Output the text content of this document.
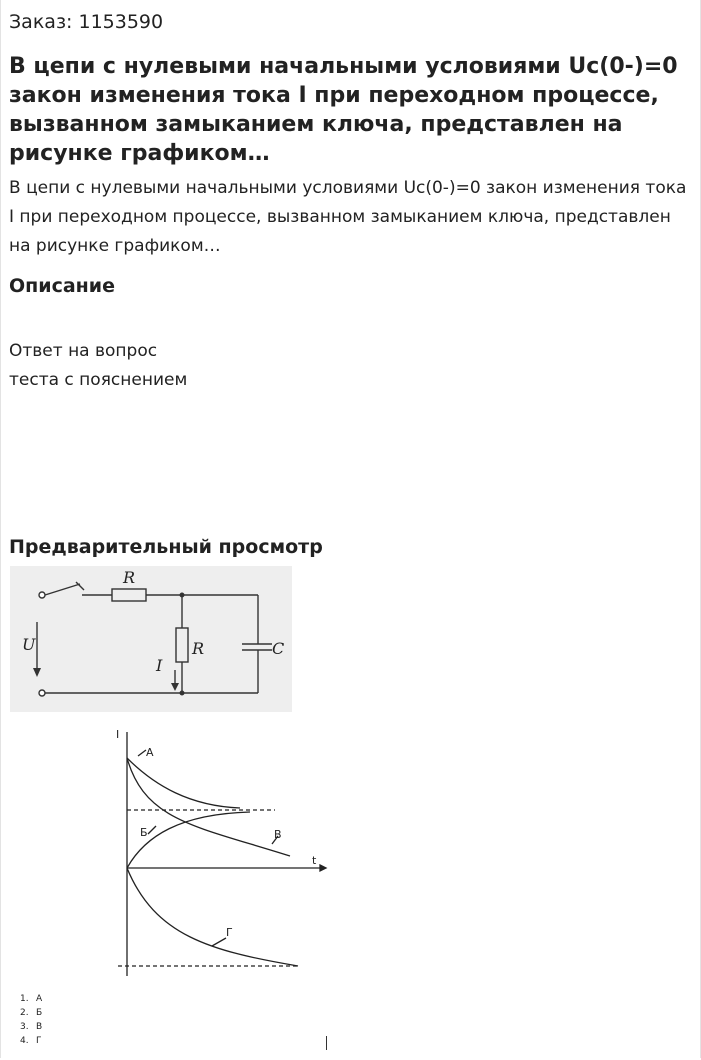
Заказ: 1153590
В цепи с нулевыми начальными условиями Uc(0-)=0 закон изменения тока I при переходном процессе, вызванном замыканием ключа, представлен на рисунке графиком…

В цепи с нулевыми начальными условиями Uc(0-)=0 закон изменения тока I при переходном процессе, вызванном замыканием ключа, представлен на рисунке графиком…

Описание
Ответ на вопрос
теста с пояснением
Предварительный просмотр
R
R	C
U
I
I
t
А
Б	В
Г
1. А
2. Б
3. В
4. Г
